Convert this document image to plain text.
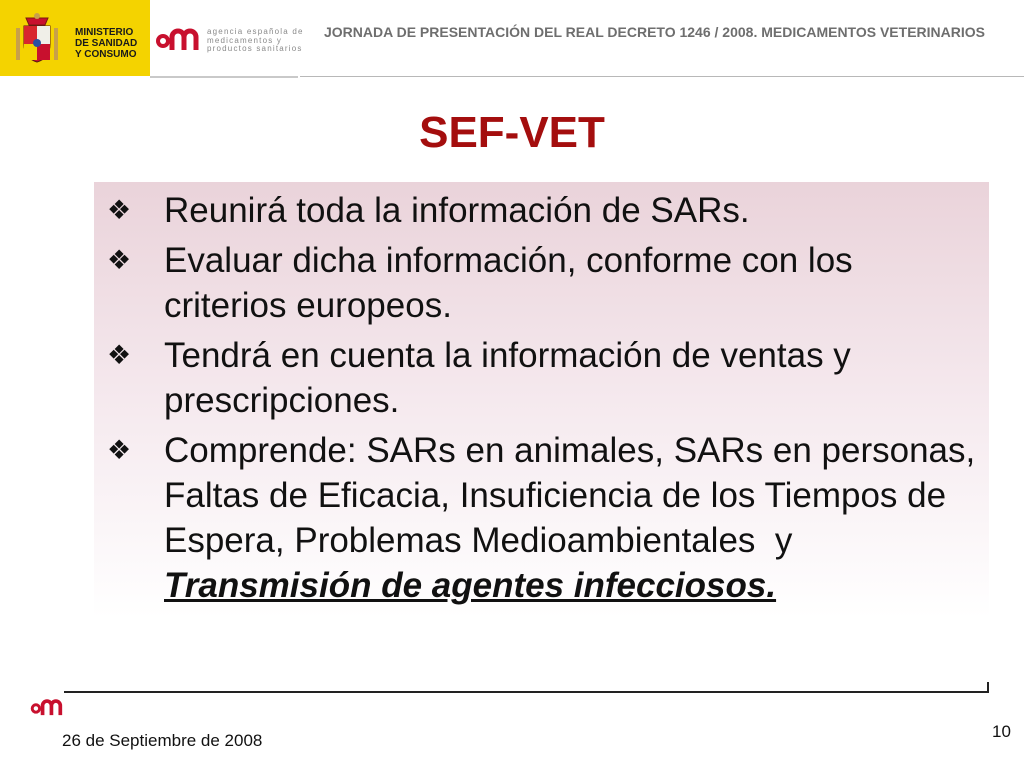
MINISTERIO
DE SANIDAD
Y CONSUMO
agencia española de
medicamentos y
productos sanitarios
JORNADA DE PRESENTACIÓN DEL REAL DECRETO 1246 / 2008. MEDICAMENTOS VETERINARIOS
SEF-VET
❖ Reunirá toda la información de SARs.
❖ Evaluar dicha información, conforme con los criterios europeos.
❖ Tendrá en cuenta la información de ventas y prescripciones.
❖ Comprende: SARs en animales, SARs en personas, Faltas de Eficacia, Insuficiencia de los Tiempos de Espera, Problemas Medioambientales  y  Transmisión de agentes infecciosos.
26 de Septiembre de 2008	10
